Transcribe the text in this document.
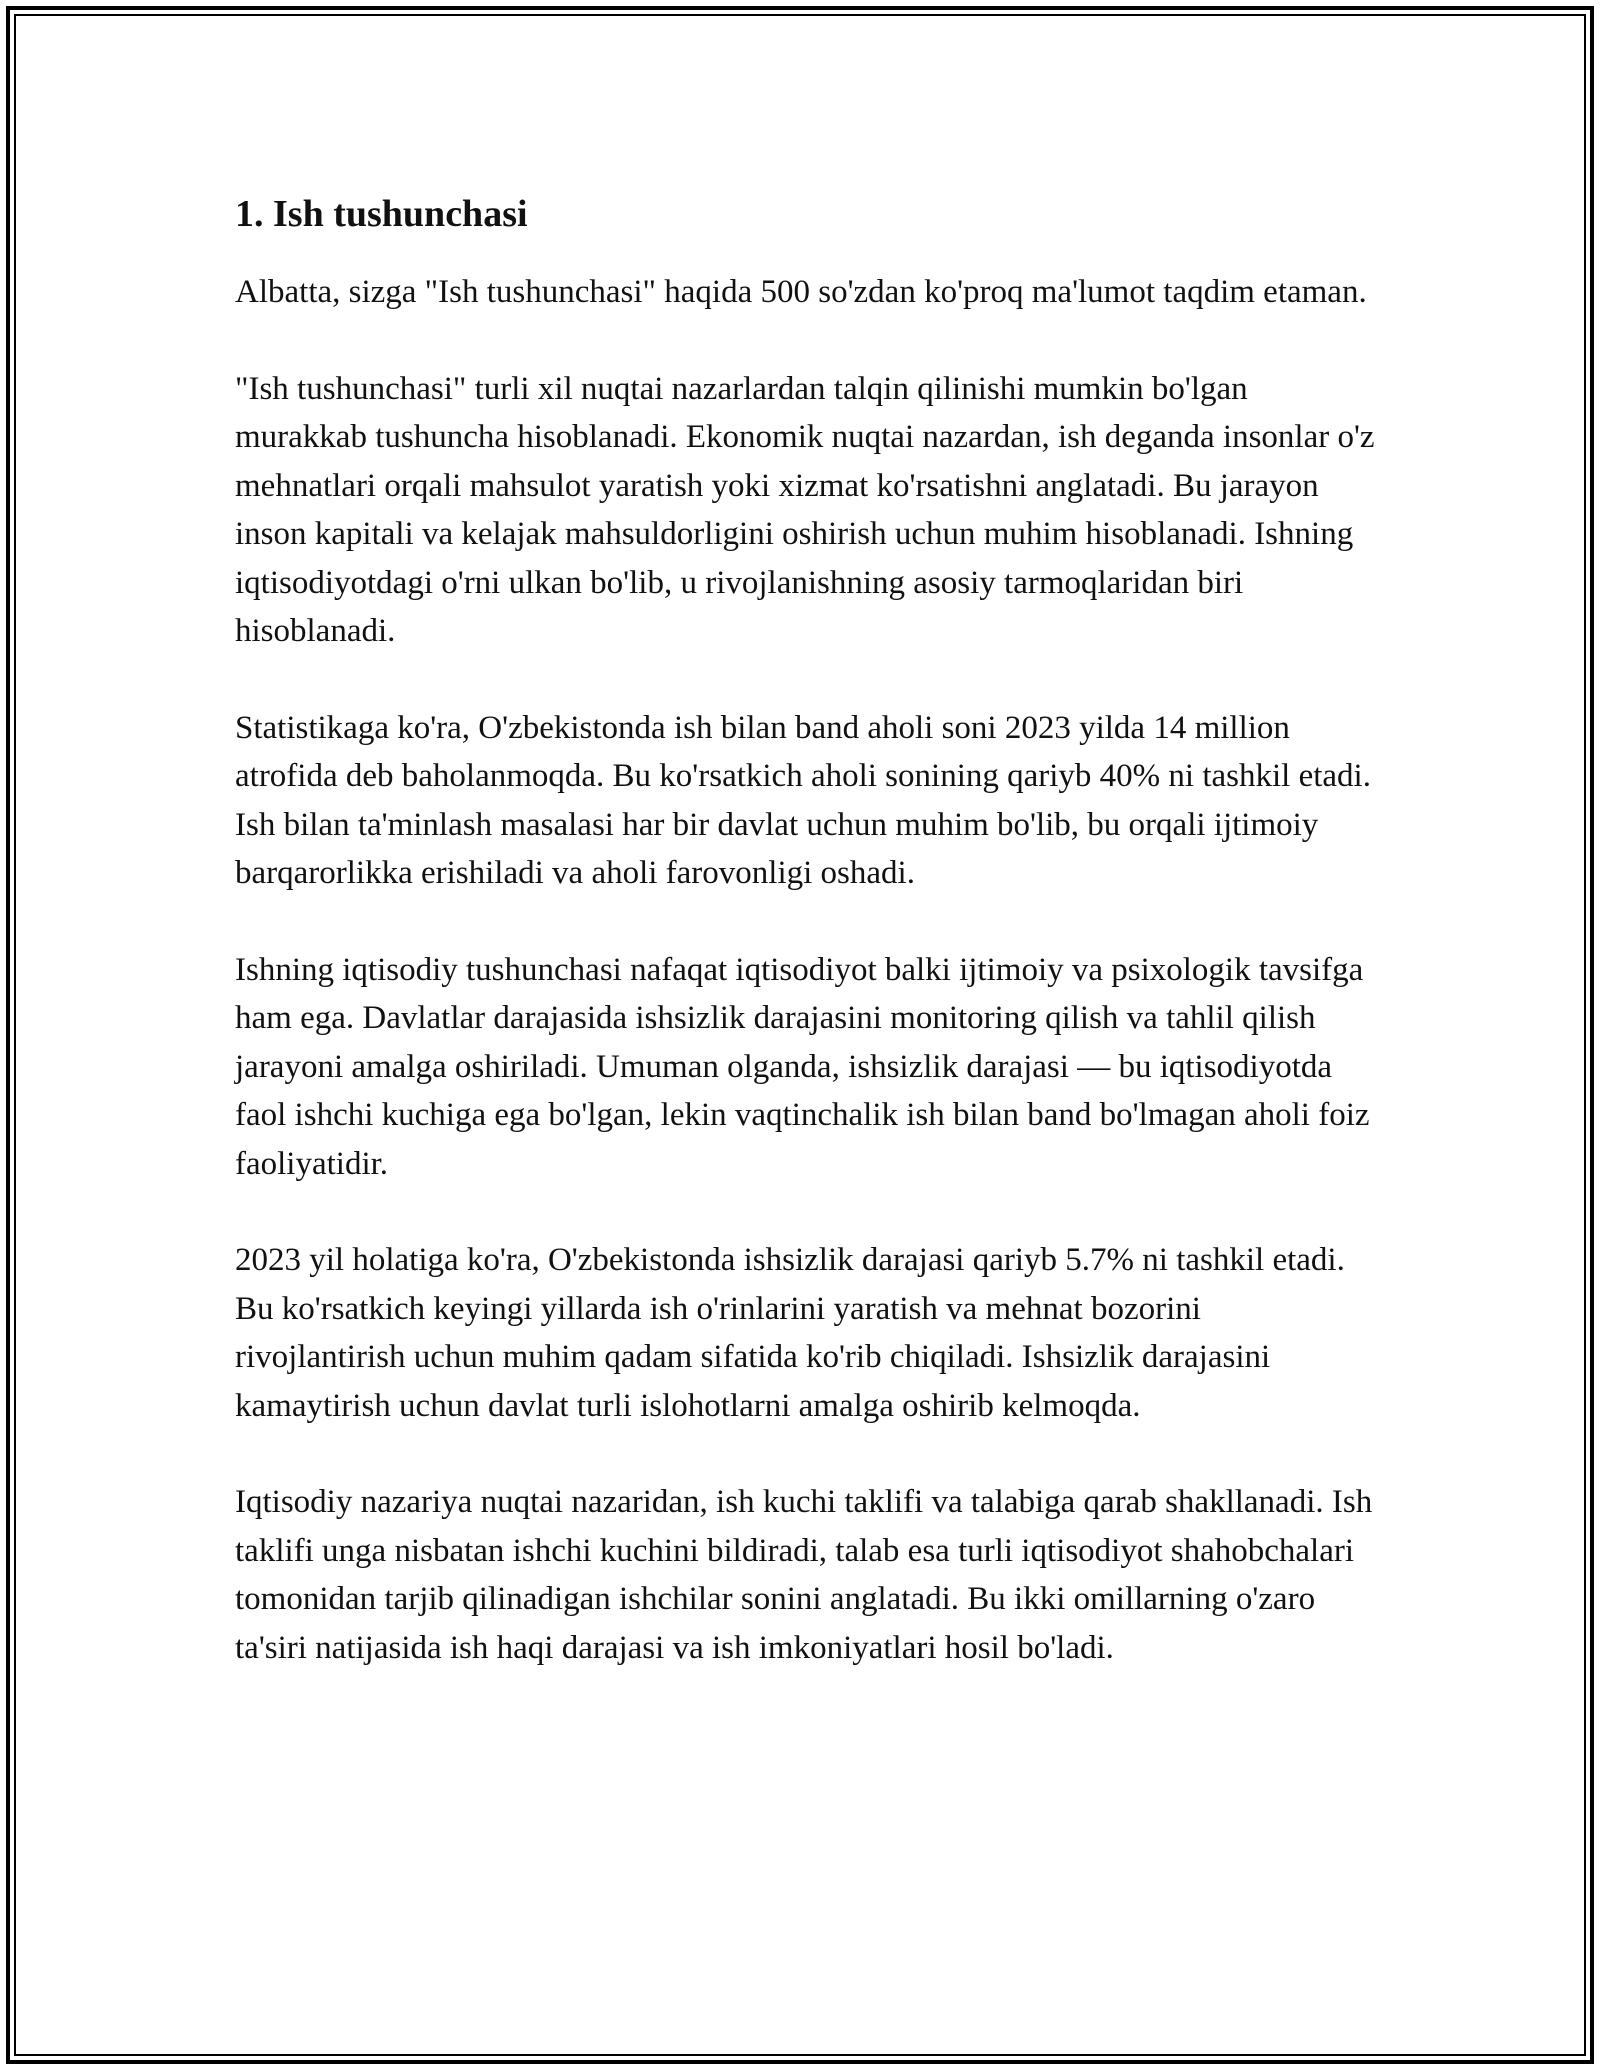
1. Ish tushunchasi

Albatta, sizga "Ish tushunchasi" haqida 500 so'zdan ko'proq ma'lumot taqdim etaman.

"Ish tushunchasi" turli xil nuqtai nazarlardan talqin qilinishi mumkin bo'lgan murakkab tushuncha hisoblanadi. Ekonomik nuqtai nazardan, ish deganda insonlar o'z mehnatlari orqali mahsulot yaratish yoki xizmat ko'rsatishni anglatadi. Bu jarayon inson kapitali va kelajak mahsuldorligini oshirish uchun muhim hisoblanadi. Ishning iqtisodiyotdagi o'rni ulkan bo'lib, u rivojlanishning asosiy tarmoqlaridan biri hisoblanadi.

Statistikaga ko'ra, O'zbekistonda ish bilan band aholi soni 2023 yilda 14 million atrofida deb baholanmoqda. Bu ko'rsatkich aholi sonining qariyb 40% ni tashkil etadi. Ish bilan ta'minlash masalasi har bir davlat uchun muhim bo'lib, bu orqali ijtimoiy barqarorlikka erishiladi va aholi farovonligi oshadi.

Ishning iqtisodiy tushunchasi nafaqat iqtisodiyot balki ijtimoiy va psixologik tavsifga ham ega. Davlatlar darajasida ishsizlik darajasini monitoring qilish va tahlil qilish jarayoni amalga oshiriladi. Umuman olganda, ishsizlik darajasi — bu iqtisodiyotda faol ishchi kuchiga ega bo'lgan, lekin vaqtinchalik ish bilan band bo'lmagan aholi foiz faoliyatidir.

2023 yil holatiga ko'ra, O'zbekistonda ishsizlik darajasi qariyb 5.7% ni tashkil etadi. Bu ko'rsatkich keyingi yillarda ish o'rinlarini yaratish va mehnat bozorini rivojlantirish uchun muhim qadam sifatida ko'rib chiqiladi. Ishsizlik darajasini kamaytirish uchun davlat turli islohotlarni amalga oshirib kelmoqda.

Iqtisodiy nazariya nuqtai nazaridan, ish kuchi taklifi va talabiga qarab shakllanadi. Ish taklifi unga nisbatan ishchi kuchini bildiradi, talab esa turli iqtisodiyot shahobchalari tomonidan tarjib qilinadigan ishchilar sonini anglatadi. Bu ikki omillarning o'zaro ta'siri natijasida ish haqi darajasi va ish imkoniyatlari hosil bo'ladi.
